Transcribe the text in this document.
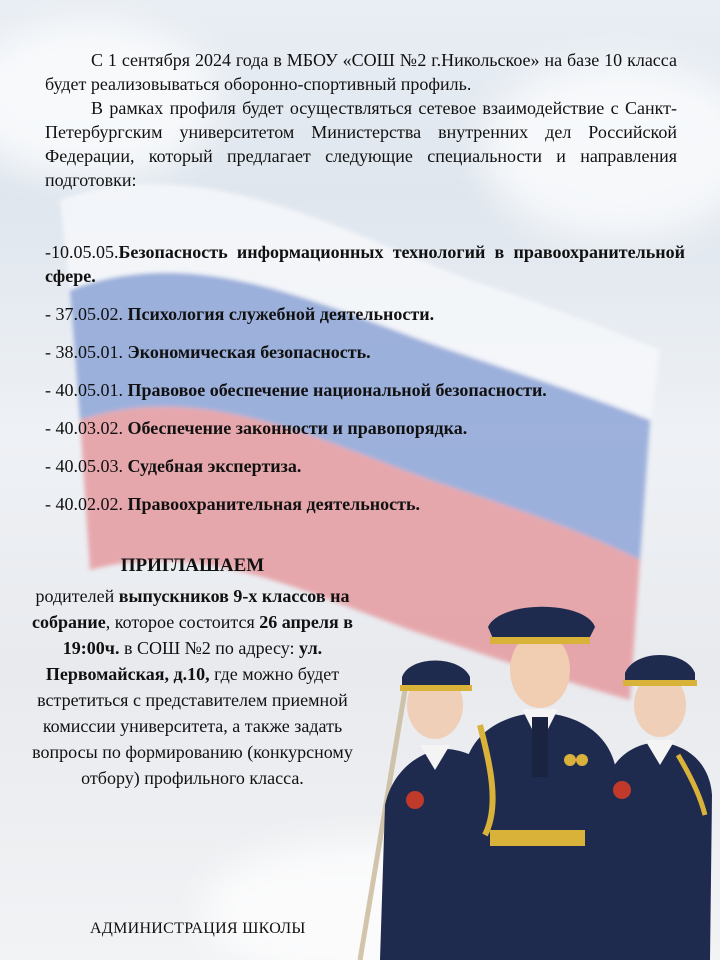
С 1 сентября 2024 года в МБОУ «СОШ №2 г.Никольское» на базе 10 класса будет реализовываться оборонно-спортивный профиль.

В рамках профиля будет осуществляться сетевое взаимодействие с Санкт-Петербургским университетом Министерства внутренних дел Российской Федерации, который предлагает следующие специальности и направления подготовки:

-10.05.05.Безопасность информационных технологий в правоохранительной сфере.

- 37.05.02. Психология служебной деятельности.

- 38.05.01. Экономическая безопасность.

- 40.05.01. Правовое обеспечение национальной безопасности.

- 40.03.02. Обеспечение законности и правопорядка.

- 40.05.03. Судебная экспертиза.

- 40.02.02. Правоохранительная деятельность.

ПРИГЛАШАЕМ
родителей выпускников 9-х классов на собрание, которое состоится 26 апреля в 19:00ч. в СОШ №2 по адресу: ул. Первомайская, д.10, где можно будет встретиться с представителем приемной комиссии университета, а также задать вопросы по формированию (конкурсному отбору) профильного класса.
АДМИНИСТРАЦИЯ ШКОЛЫ
